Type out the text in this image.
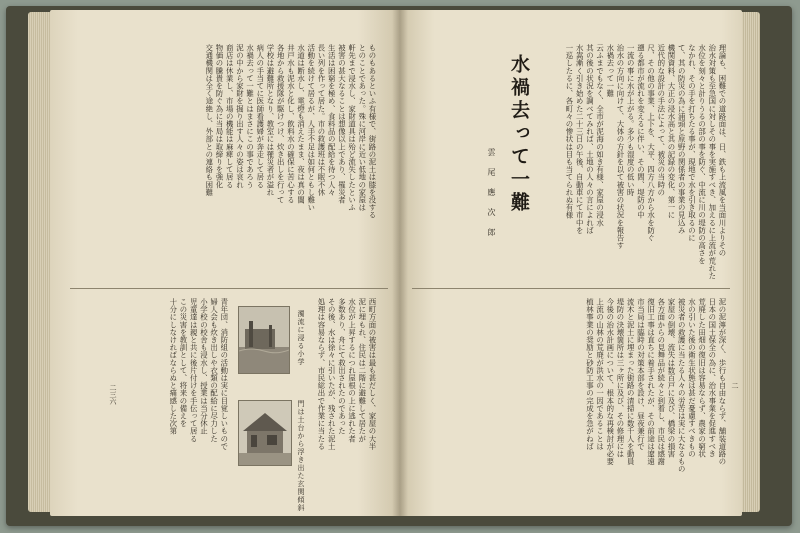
ものもあるといふ有様で、街路の泥土は膝を没する
とのことであった。殊に河岸に近い低地の家屋は
軒先まで浸水し、家財道具は殆ど流失したといふ
被害の甚大なることは想像以上であり、罹災者
生活は困窮を極め、食料品の配給を待つ人々
長い列を作って居た。市の救護班は不眠不休
活動を続けて居るが、人手不足は如何ともし難い
水道は断水し、電燈も消えたまま、夜は真の闇
井戸水も泥水と化し、飲料水の確保に苦心する
各地から救援隊が駆けつけ、炊き出しを行って
学校は避難所となり、教室には罹災者が溢れ
病人の手当てに医師看護婦が奔走して居る
水禍去って一難とはまさにこの事であろう
泥の中から家財を掘り出す人々の姿は哀れ
商店は休業し、市場の機能は麻痺して居る
物価の騰貴を防ぐ為に当局は取締りを強化
交通機関は全く途絶し、外部との連絡も困難
西町方面の被害は最も甚だしく、家屋の大半
泥に埋もれ、住民は二階に避難して居たが
水位が上昇するにつれ屋根の上に逃れた者
多数あり、舟にて救出されたのであった
その後、水は徐々に引いたが、残された泥土
処理は容易ならず、市民総出で作業に当たる
青年団、消防組の活動は実に目覚しいもので
婦人会も炊き出しや衣類の配給に尽力した
小学校の校舎も浸水し、授業は当分休止
児童達は親と共に後片付けを手伝って居る
この災害を教訓として、将来の備えを
十分にしなければならぬと痛感した次第	濁流に浸る小学
門は土台から浮き出た玄関傾斜
二三六
理論も、困難での道路面は、日、鉄も上流風を当面川よりその
治水対策も至急国に対しその事を実施すべき、加えるに上流が荒れた
水位を刻々と計りうるの部の事を防ぐ、中流に川の堤防の高さを
なかれ、その手を打ちたる事が、現地で水を引き取るのに
て、其の防災の為に浦頭と原野の関係者の事業の見込み
機関資料、大正の浸水高と其の記録の変化、第一に
近代的な設計の手法によって、被災の当時の
尺、その他の事業、上下を、大平、四方八方から水を防ぐ
遡る都市が流れを変えるに伴い、その間、堤防の中
一流の事に水が上がる。多少も湿度の低い時
治水の方向に向けて、大体の方針を以て被害の状況を報告す
水禍去って一難
云ふまでもなく、全市が泥海の如き有様、家屋の浸水
其の後の状況を調べてみれば、土地の人々の言によれば
水嵩漸く引き始めた二十三日の午後、自動車にて市中を
一巡したるに、各町々の惨状は目も当てられぬ有様
水禍去って一難
雲　尾　應　次　郎
泥の泥濘が深く、歩行も自由ならず、舗装道路の
日本の国土保全の為に、治水事業を促進すべき
荒廃した田畑の復旧は容易ならず、農家の窮状
水の引いた後の衛生状態は甚だ憂慮すべきもの
被災者の救護に当たる人々の労苦は実に大なるもの
家屋の倒壊、流失は数百戸に及び、橋梁の損害
各方面からの見舞品が続々と到着し、市民は感謝
復旧工事は直ちに着手されたが、その前途は遼遠
市当局は臨時の対策本部を設け、昼夜兼行で
流木と泥土に埋まった街路の清掃に数千人を動員
堤防の決壊箇所は三ヶ所に及び、その修理には
今後の治水計画について、根本的な再検討が必要
上流の山林の荒廃が洪水の一因であることは
植林事業の奨励と砂防工事の完成を急がねば	二
